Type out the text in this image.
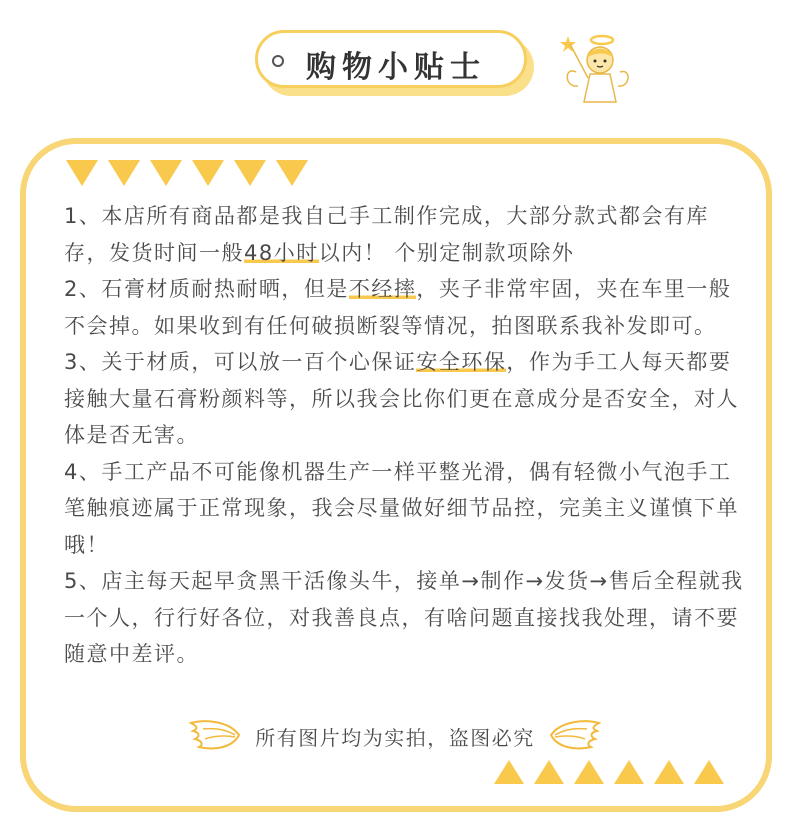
购物小贴士

1、本店所有商品都是我自己手工制作完成，大部分款式都会有库存，发货时间一般48小时以内！ 个别定制款项除外

2、石膏材质耐热耐晒，但是不经摔，夹子非常牢固，夹在车里一般不会掉。如果收到有任何破损断裂等情况，拍图联系我补发即可。

3、关于材质，可以放一百个心保证安全环保，作为手工人每天都要接触大量石膏粉颜料等，所以我会比你们更在意成分是否安全，对人体是否无害。

4、手工产品不可能像机器生产一样平整光滑，偶有轻微小气泡手工笔触痕迹属于正常现象，我会尽量做好细节品控，完美主义谨慎下单哦！

5、店主每天起早贪黑干活像头牛，接单→制作→发货→售后全程就我一个人，行行好各位，对我善良点，有啥问题直接找我处理，请不要随意中差评。

所有图片均为实拍，盗图必究
